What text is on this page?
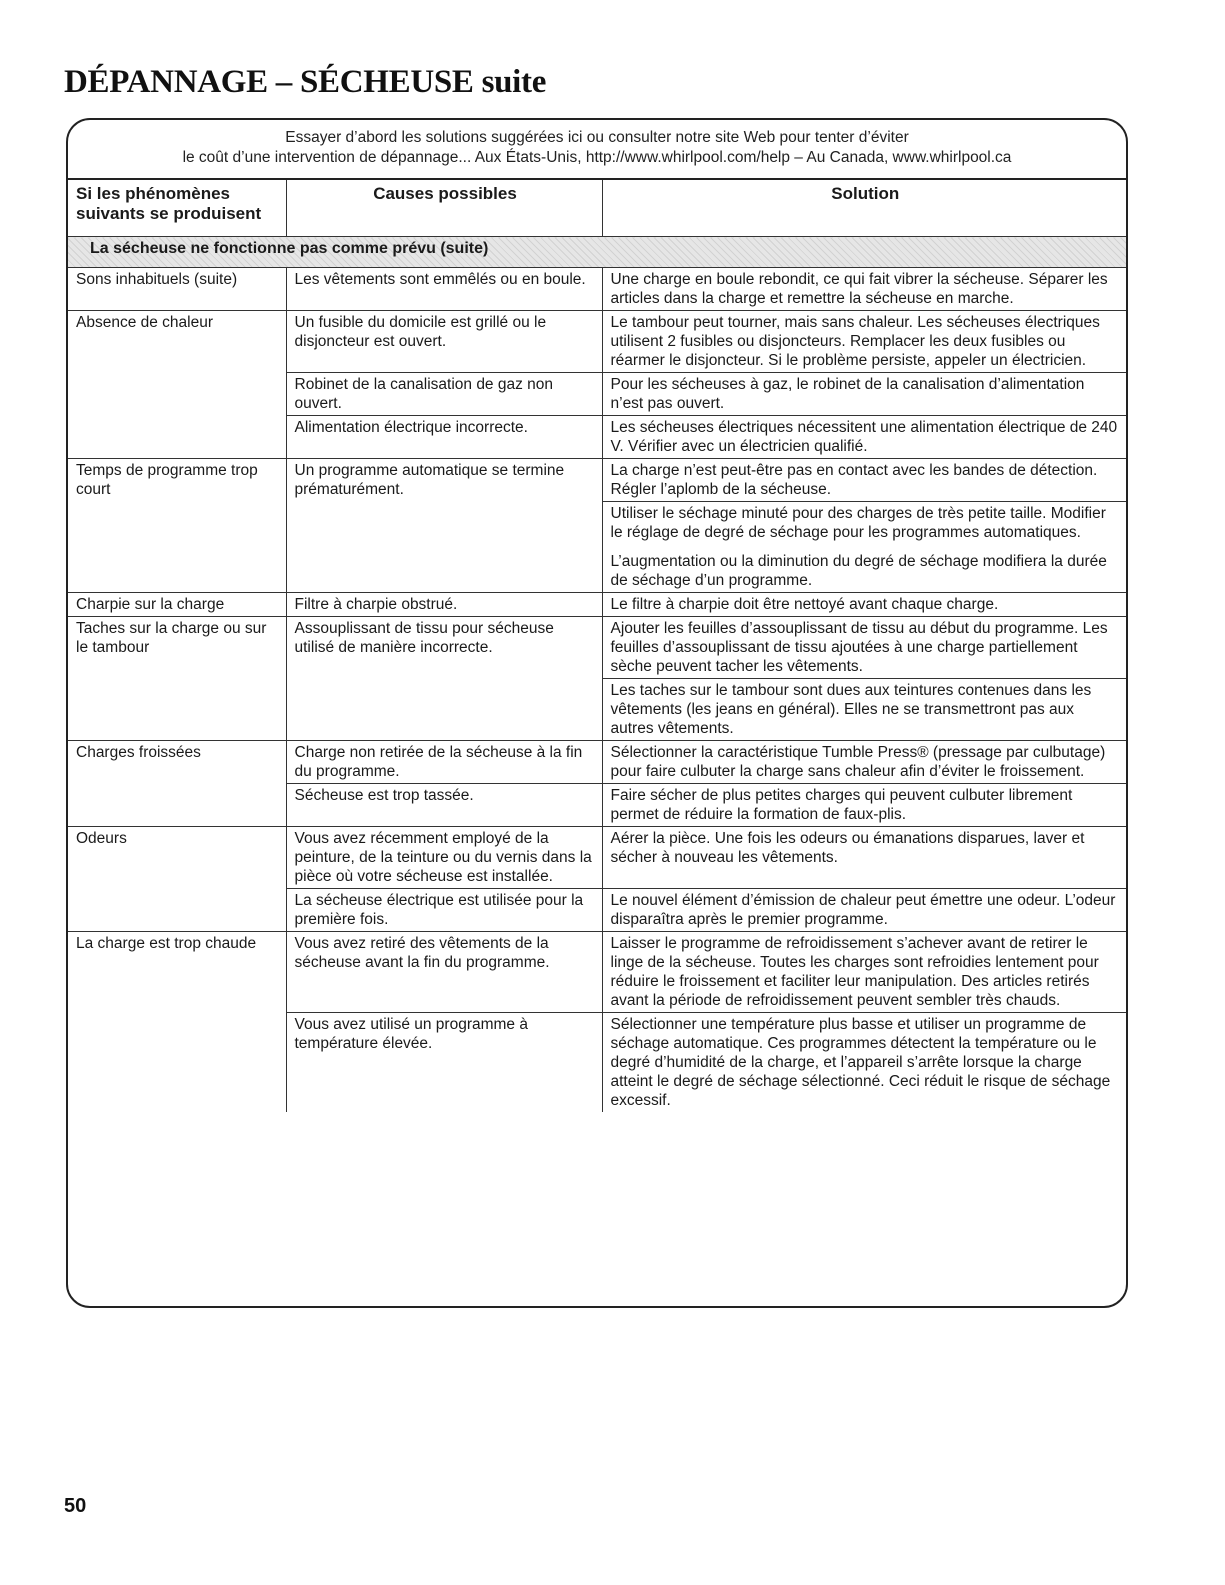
DÉPANNAGE – SÉCHEUSE suite
Essayer d’abord les solutions suggérées ici ou consulter notre site Web pour tenter d’éviter
le coût d’une intervention de dépannage... Aux États-Unis, http://www.whirlpool.com/help – Au Canada, www.whirlpool.ca
Si les phénomènes suivants se produisent	Causes possibles	Solution
La sécheuse ne fonctionne pas comme prévu (suite)		
Sons inhabituels (suite)	Les vêtements sont emmêlés ou en boule.	Une charge en boule rebondit, ce qui fait vibrer la sécheuse. Séparer les articles dans la charge et remettre la sécheuse en marche.
Absence de chaleur	Un fusible du domicile est grillé ou le disjoncteur est ouvert.	Le tambour peut tourner, mais sans chaleur. Les sécheuses électriques utilisent 2 fusibles ou disjoncteurs. Remplacer les deux fusibles ou réarmer le disjoncteur. Si le problème persiste, appeler un électricien.
	Robinet de la canalisation de gaz non ouvert.	Pour les sécheuses à gaz, le robinet de la canalisation d’alimentation n’est pas ouvert.
	Alimentation électrique incorrecte.	Les sécheuses électriques nécessitent une alimentation électrique de 240 V. Vérifier avec un électricien qualifié.
Temps de programme trop court	Un programme automatique se termine prématurément.	La charge n’est peut-être pas en contact avec les bandes de détection. Régler l’aplomb de la sécheuse.

		Utiliser le séchage minuté pour des charges de très petite taille. Modifier le réglage de degré de séchage pour les programmes automatiques.
L’augmentation ou la diminution du degré de séchage modifiera la durée de séchage d’un programme.

Charpie sur la charge	Filtre à charpie obstrué.	Le filtre à charpie doit être nettoyé avant chaque charge.
Taches sur la charge ou sur le tambour	Assouplissant de tissu pour sécheuse utilisé de manière incorrecte.	Ajouter les feuilles d’assouplissant de tissu au début du programme. Les feuilles d’assouplissant de tissu ajoutées à une charge partiellement sèche peuvent tacher les vêtements.
		Les taches sur le tambour sont dues aux teintures contenues dans les vêtements (les jeans en général). Elles ne se transmettront pas aux autres vêtements.
Charges froissées	Charge non retirée de la sécheuse à la fin du programme.	Sélectionner la caractéristique Tumble Press® (pressage par culbutage) pour faire culbuter la charge sans chaleur afin d’éviter le froissement.
	Sécheuse est trop tassée.	Faire sécher de plus petites charges qui peuvent culbuter librement permet de réduire la formation de faux-plis.
Odeurs	Vous avez récemment employé de la peinture, de la teinture ou du vernis dans la pièce où votre sécheuse est installée.	Aérer la pièce. Une fois les odeurs ou émanations disparues, laver et sécher à nouveau les vêtements.
	La sécheuse électrique est utilisée pour la première fois.	Le nouvel élément d’émission de chaleur peut émettre une odeur. L’odeur disparaîtra après le premier programme.
La charge est trop chaude	Vous avez retiré des vêtements de la sécheuse avant la fin du programme.	Laisser le programme de refroidissement s’achever avant de retirer le linge de la sécheuse. Toutes les charges sont refroidies lentement pour réduire le froissement et faciliter leur manipulation. Des articles retirés avant la période de refroidissement peuvent sembler très chauds.
	Vous avez utilisé un programme à température élevée.	Sélectionner une température plus basse et utiliser un programme de séchage automatique. Ces programmes détectent la température ou le degré d’humidité de la charge, et l’appareil s’arrête lorsque la charge atteint le degré de séchage sélectionné. Ceci réduit le risque de séchage excessif.
50
